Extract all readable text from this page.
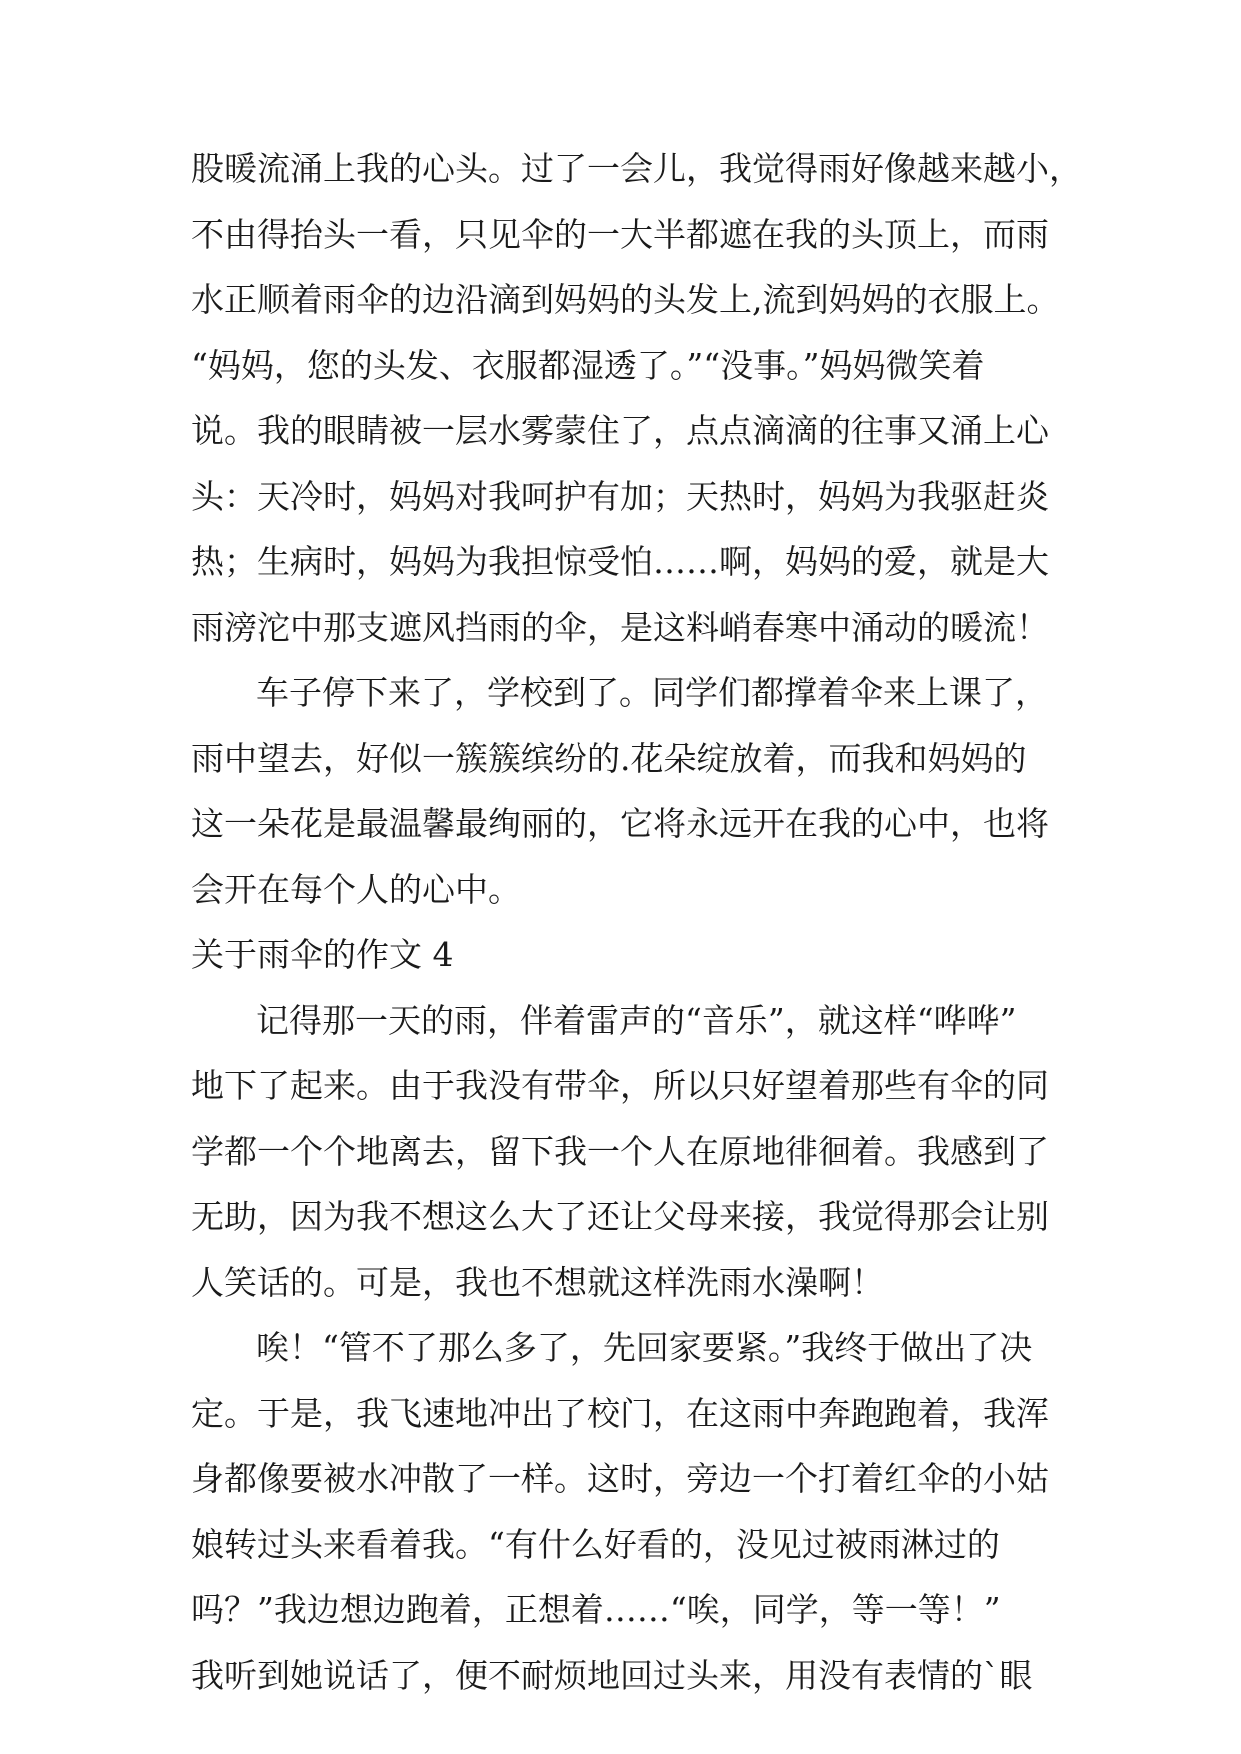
股暖流涌上我的心头。过了一会儿，我觉得雨好像越来越小，
不由得抬头一看，只见伞的一大半都遮在我的头顶上，而雨
水正顺着雨伞的边沿滴到妈妈的头发上,流到妈妈的衣服上。
“妈妈，您的头发、衣服都湿透了。”“没事。”妈妈微笑着
说。我的眼睛被一层水雾蒙住了，点点滴滴的往事又涌上心
头：天冷时，妈妈对我呵护有加；天热时，妈妈为我驱赶炎
热；生病时，妈妈为我担惊受怕……啊，妈妈的爱，就是大
雨滂沱中那支遮风挡雨的伞，是这料峭春寒中涌动的暖流！
车子停下来了，学校到了。同学们都撑着伞来上课了，
雨中望去，好似一簇簇缤纷的.花朵绽放着，而我和妈妈的
这一朵花是最温馨最绚丽的，它将永远开在我的心中，也将
会开在每个人的心中。
关于雨伞的作文 4
记得那一天的雨，伴着雷声的“音乐”，就这样“哗哗”
地下了起来。由于我没有带伞，所以只好望着那些有伞的同
学都一个个地离去，留下我一个人在原地徘徊着。我感到了
无助，因为我不想这么大了还让父母来接，我觉得那会让别
人笑话的。可是，我也不想就这样洗雨水澡啊！
唉！“管不了那么多了，先回家要紧。”我终于做出了决
定。于是，我飞速地冲出了校门，在这雨中奔跑跑着，我浑
身都像要被水冲散了一样。这时，旁边一个打着红伞的小姑
娘转过头来看着我。“有什么好看的，没见过被雨淋过的
吗？”我边想边跑着，正想着……“唉，同学，等一等！”
我听到她说话了，便不耐烦地回过头来，用没有表情的`眼
